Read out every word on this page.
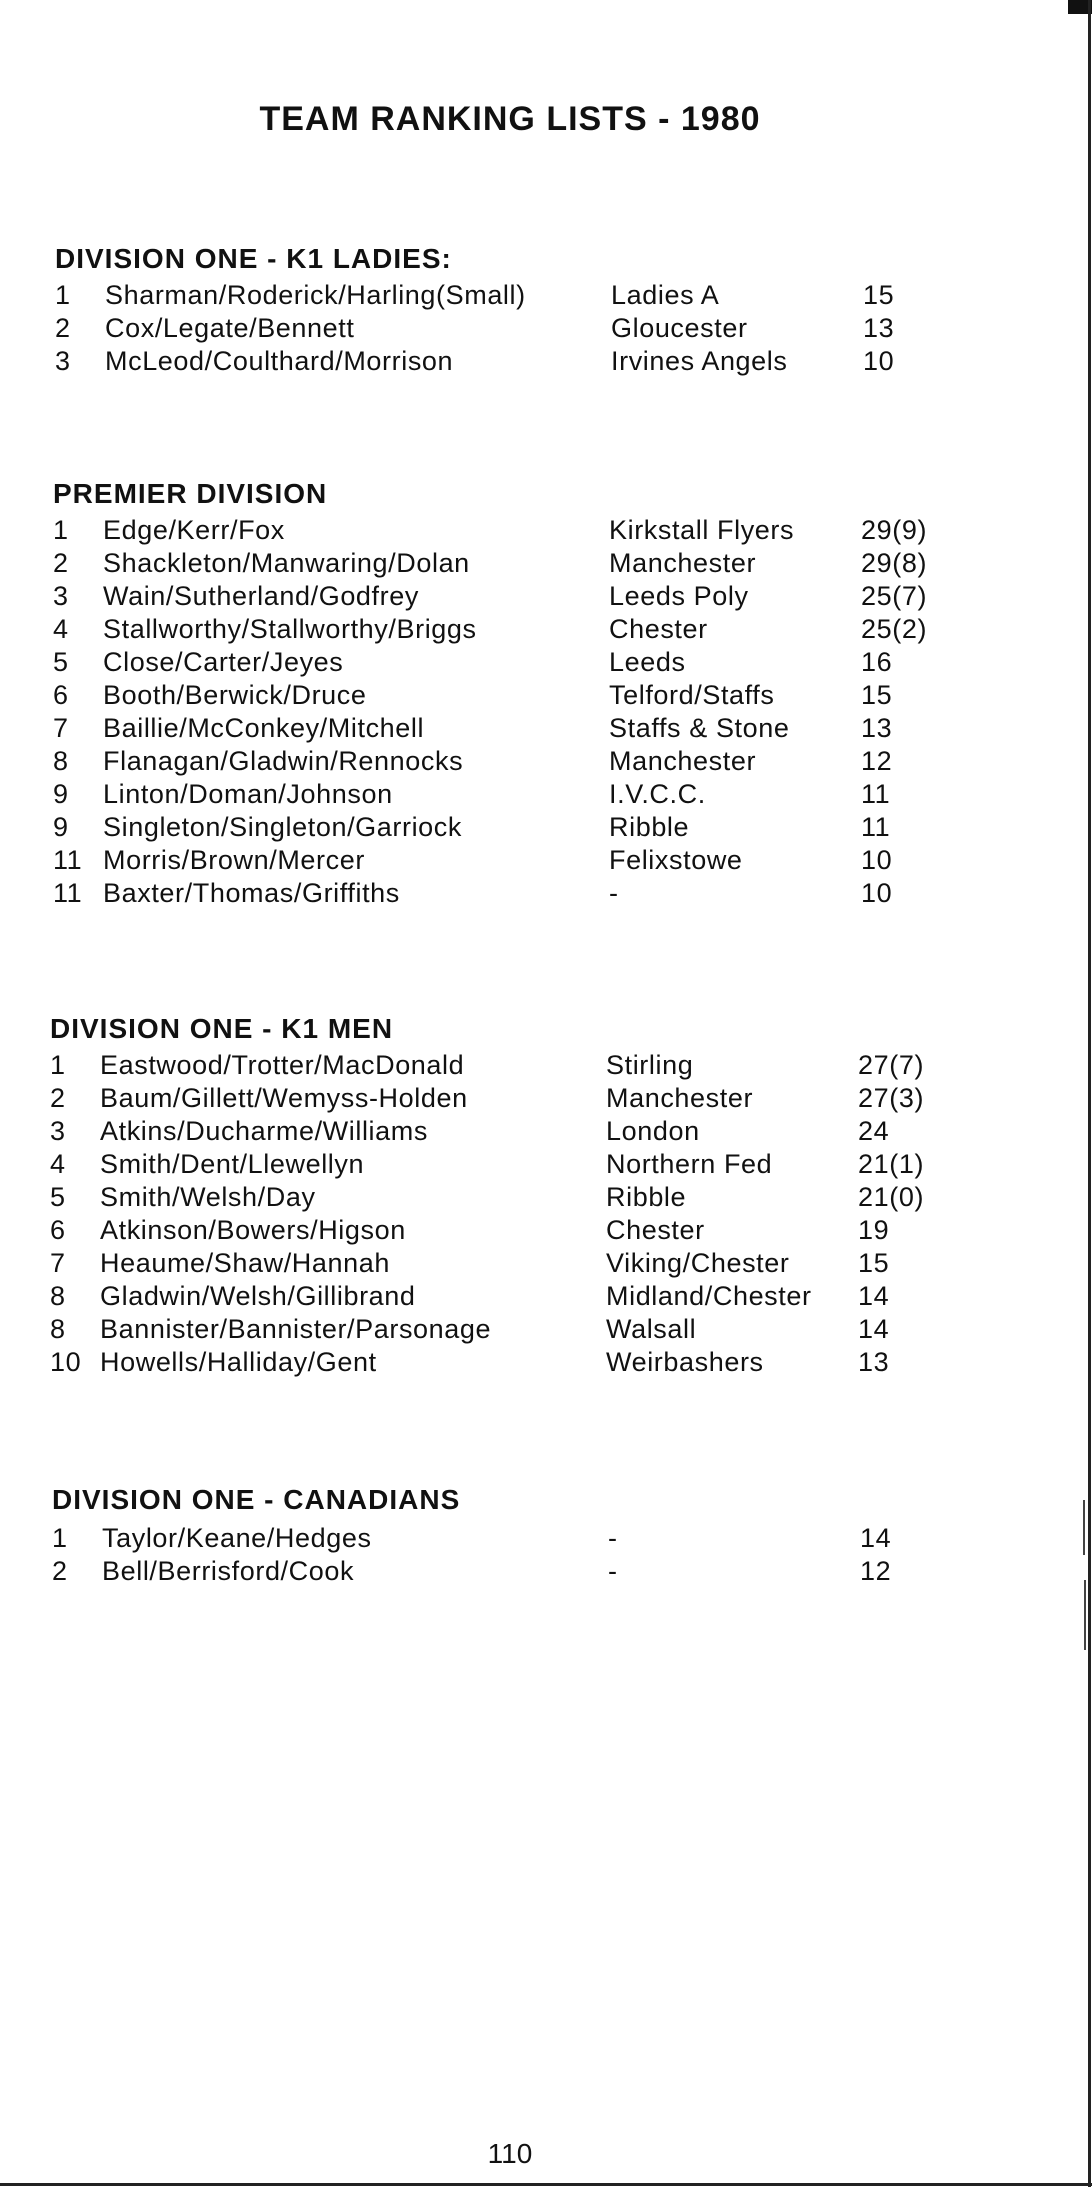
TEAM RANKING LISTS - 1980
DIVISION ONE - K1 LADIES:
1 Sharman/Roderick/Harling(Small)	Ladies A	15
2 Cox/Legate/Bennett	Gloucester	13
3 McLeod/Coulthard/Morrison	Irvines Angels	10
PREMIER DIVISION
1 Edge/Kerr/Fox	Kirkstall Flyers 29(9)
2 Shackleton/Manwaring/Dolan	Manchester	29(8)
3 Wain/Sutherland/Godfrey	Leeds Poly	25(7)
4 Stallworthy/Stallworthy/Briggs	Chester	25(2)
5 Close/Carter/Jeyes	Leeds	16
6 Booth/Berwick/Druce	Telford/Staffs	15
7 Baillie/McConkey/Mitchell	Staffs & Stone	13
8 Flanagan/Gladwin/Rennocks	Manchester	12
9 Linton/Doman/Johnson	I.V.C.C.	11
9 Singleton/Singleton/Garriock	Ribble	11
11 Morris/Brown/Mercer	Felixstowe	10
11 Baxter/Thomas/Griffiths	-	10
DIVISION ONE - K1 MEN
1 Eastwood/Trotter/MacDonald	Stirling	27(7)
2 Baum/Gillett/Wemyss-Holden	Manchester	27(3)
3 Atkins/Ducharme/Williams	London	24
4 Smith/Dent/Llewellyn	Northern Fed	21(1)
5 Smith/Welsh/Day	Ribble	21(0)
6 Atkinson/Bowers/Higson	Chester	19
7 Heaume/Shaw/Hannah	Viking/Chester	15
8 Gladwin/Welsh/Gillibrand	Midland/Chester 14
8 Bannister/Bannister/Parsonage	Walsall	14
10 Howells/Halliday/Gent	Weirbashers	13
DIVISION ONE - CANADIANS
1 Taylor/Keane/Hedges	-	14
2 Bell/Berrisford/Cook	-	12
110
